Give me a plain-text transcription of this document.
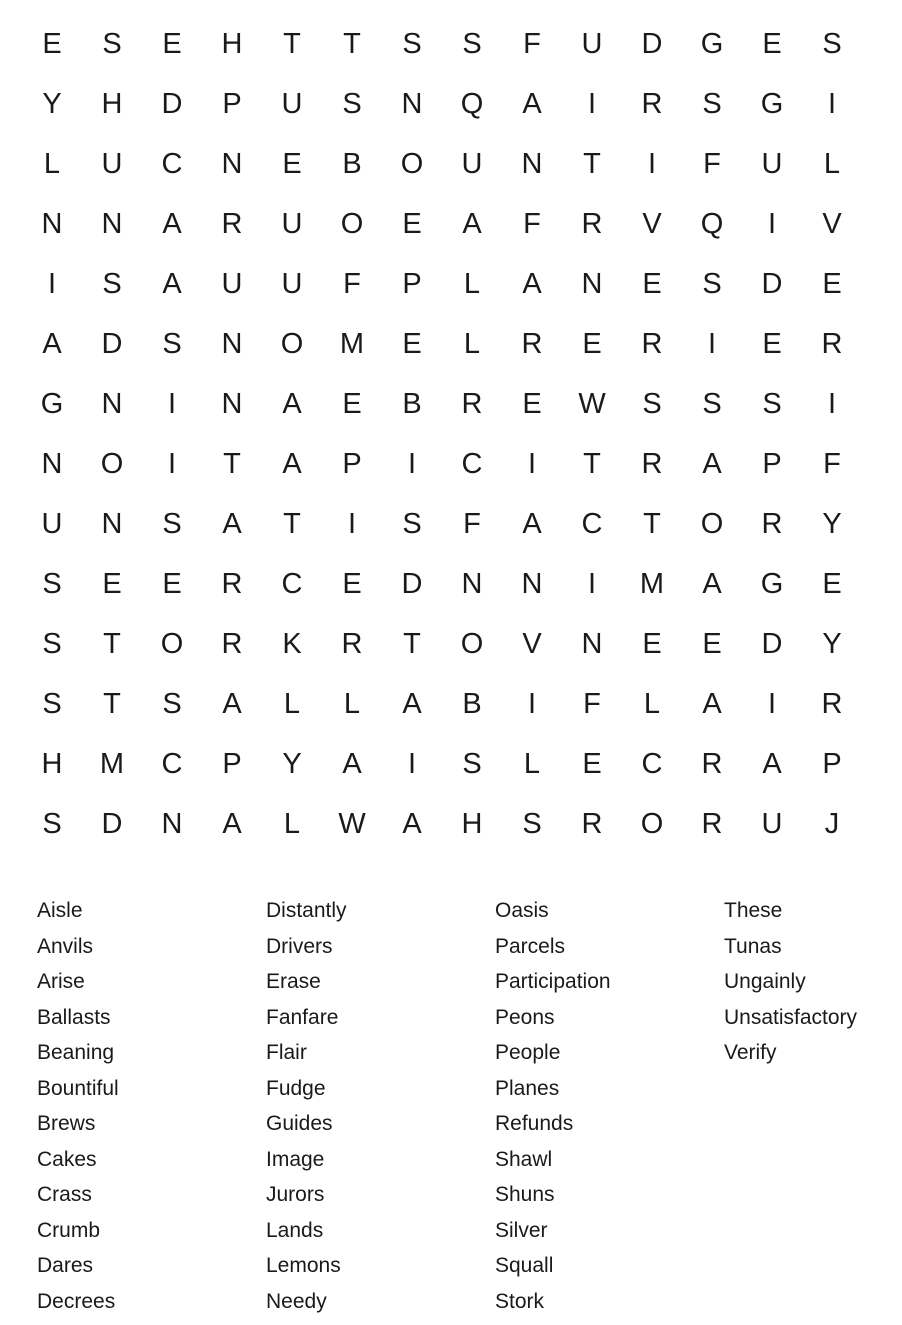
E	S	E	H	T	T	S	S	F	U	D	G	E	S
Y	H	D	P	U	S	N	Q	A	I	R	S	G	I
L	U	C	N	E	B	O	U	N	T	I	F	U	L
N	N	A	R	U	O	E	A	F	R	V	Q	I	V
I	S	A	U	U	F	P	L	A	N	E	S	D	E
A	D	S	N	O	M	E	L	R	E	R	I	E	R
G	N	I	N	A	E	B	R	E	W	S	S	S	I
N	O	I	T	A	P	I	C	I	T	R	A	P	F
U	N	S	A	T	I	S	F	A	C	T	O	R	Y
S	E	E	R	C	E	D	N	N	I	M	A	G	E
S	T	O	R	K	R	T	O	V	N	E	E	D	Y
S	T	S	A	L	L	A	B	I	F	L	A	I	R
H	M	C	P	Y	A	I	S	L	E	C	R	A	P
S	D	N	A	L	W	A	H	S	R	O	R	U	J
Aisle
Anvils
Arise
Ballasts
Beaning
Bountiful
Brews
Cakes
Crass
Crumb
Dares
Decrees
Distantly
Drivers
Erase
Fanfare
Flair
Fudge
Guides
Image
Jurors
Lands
Lemons
Needy
Oasis
Parcels
Participation
Peons
People
Planes
Refunds
Shawl
Shuns
Silver
Squall
Stork
These
Tunas
Ungainly
Unsatisfactory
Verify
